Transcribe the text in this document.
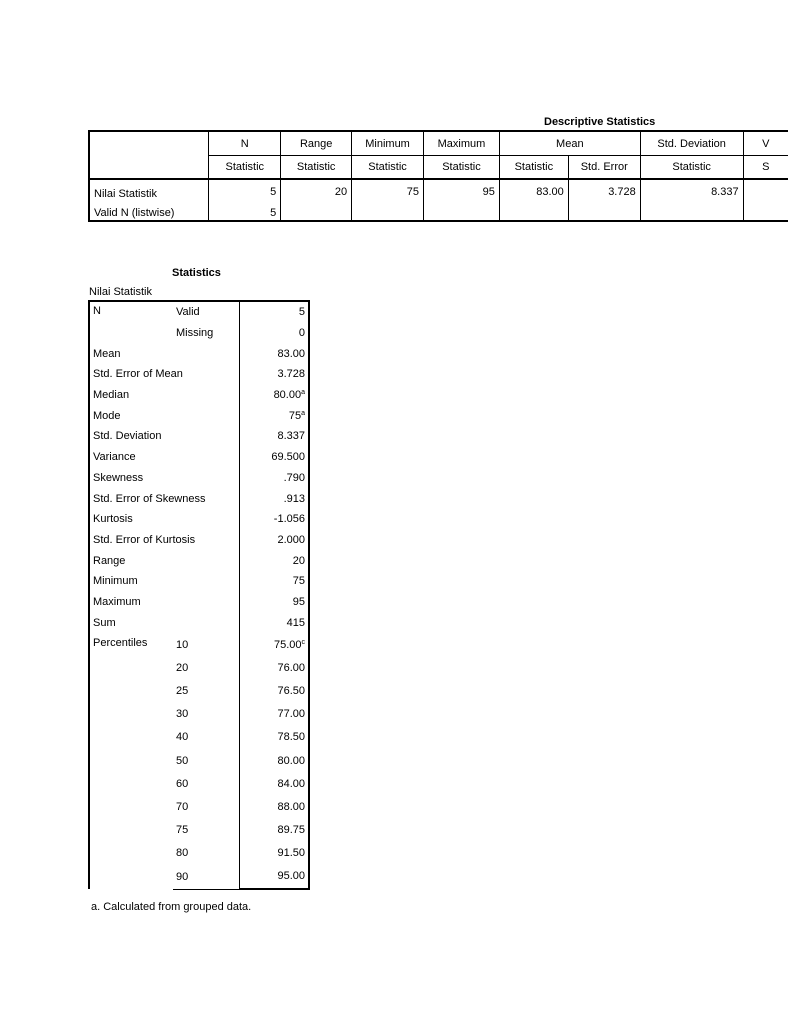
Descriptive Statistics
	N	Range	Minimum	Maximum	Mean		Std. Deviation	V
	Statistic	Statistic	Statistic	Statistic	Statistic	Std. Error	Statistic	S
Nilai Statistik	5	20	75	95	83.00	3.728	8.337	
Valid N (listwise)	5							
Statistics
Nilai Statistik
N	Valid	5
	Missing	0
Mean		83.00
Std. Error of Mean		3.728
Median		80.00$^a$
Mode		75$^a$
Std. Deviation		8.337
Variance		69.500
Skewness		.790
Std. Error of Skewness		.913
Kurtosis		-1.056
Std. Error of Kurtosis		2.000
Range		20
Minimum		75
Maximum		95
Sum		415
Percentiles	10	75.00$^c$
	20	76.00
	25	76.50
	30	77.00
	40	78.50
	50	80.00
	60	84.00
	70	88.00
	75	89.75
	80	91.50
	90	95.00
a. Calculated from grouped data.
